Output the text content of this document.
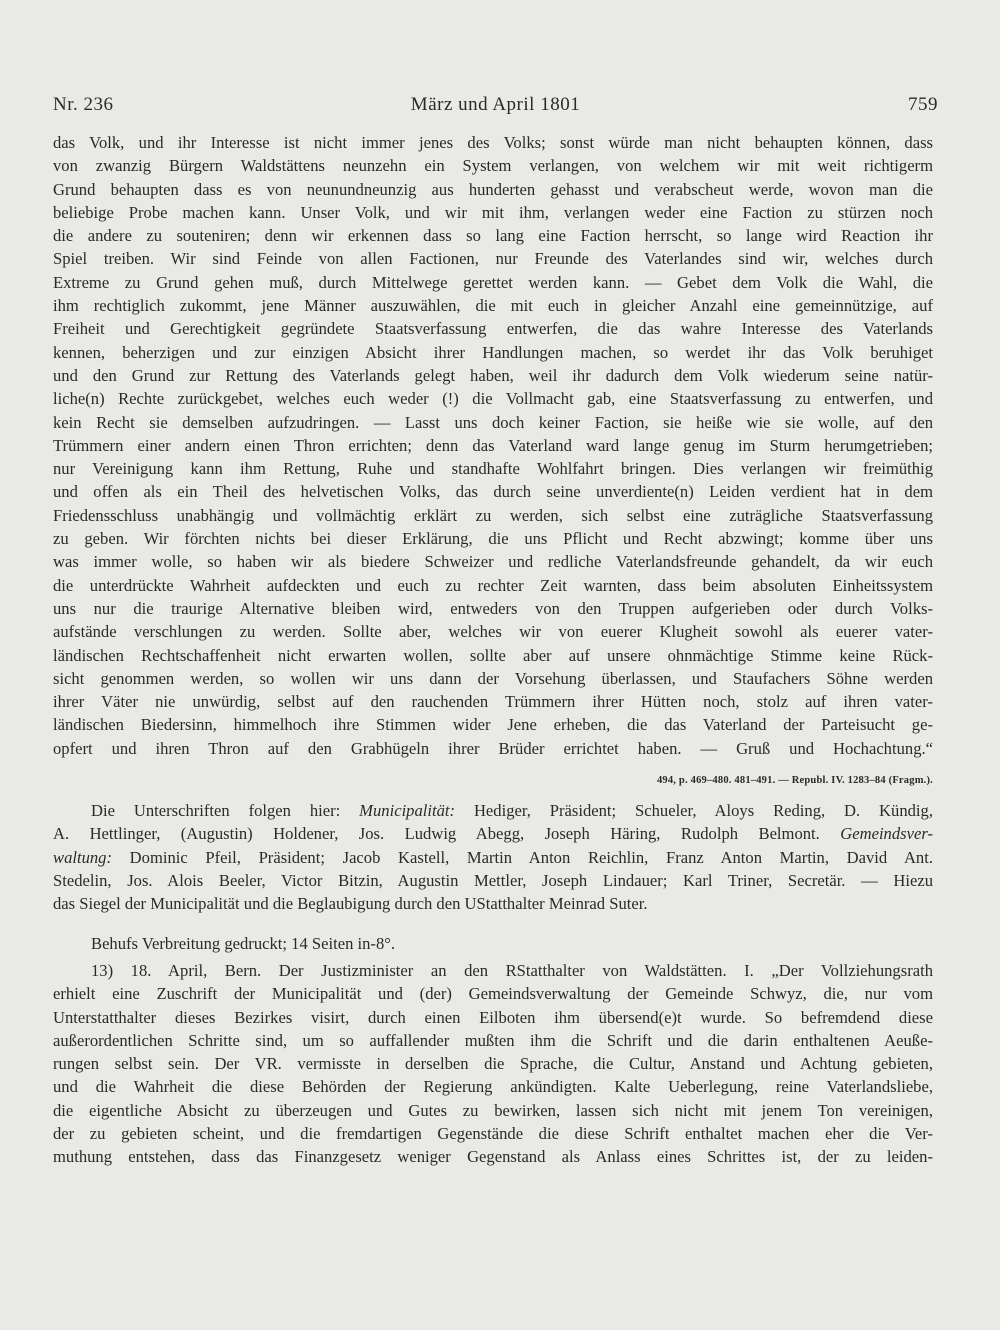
Nr. 236	März und April 1801	759
das Volk, und ihr Interesse ist nicht immer jenes des Volks; sonst würde man nicht behaupten können, dass
von zwanzig Bürgern Waldstättens neunzehn ein System verlangen, von welchem wir mit weit richtigerm
Grund behaupten dass es von neunundneunzig aus hunderten gehasst und verabscheut werde, wovon man die
beliebige Probe machen kann. Unser Volk, und wir mit ihm, verlangen weder eine Faction zu stürzen noch
die andere zu souteniren; denn wir erkennen dass so lang eine Faction herrscht, so lange wird Reaction ihr
Spiel treiben. Wir sind Feinde von allen Factionen, nur Freunde des Vaterlandes sind wir, welches durch
Extreme zu Grund gehen muß, durch Mittelwege gerettet werden kann. — Gebet dem Volk die Wahl, die
ihm rechtiglich zukommt, jene Männer auszuwählen, die mit euch in gleicher Anzahl eine gemeinnützige, auf
Freiheit und Gerechtigkeit gegründete Staatsverfassung entwerfen, die das wahre Interesse des Vaterlands
kennen, beherzigen und zur einzigen Absicht ihrer Handlungen machen, so werdet ihr das Volk beruhiget
und den Grund zur Rettung des Vaterlands gelegt haben, weil ihr dadurch dem Volk wiederum seine natür-
liche(n) Rechte zurückgebet, welches euch weder (!) die Vollmacht gab, eine Staatsverfassung zu entwerfen, und
kein Recht sie demselben aufzudringen. — Lasst uns doch keiner Faction, sie heiße wie sie wolle, auf den
Trümmern einer andern einen Thron errichten; denn das Vaterland ward lange genug im Sturm herumgetrieben;
nur Vereinigung kann ihm Rettung, Ruhe und standhafte Wohlfahrt bringen. Dies verlangen wir freimüthig
und offen als ein Theil des helvetischen Volks, das durch seine unverdiente(n) Leiden verdient hat in dem
Friedensschluss unabhängig und vollmächtig erklärt zu werden, sich selbst eine zuträgliche Staatsverfassung
zu geben. Wir förchten nichts bei dieser Erklärung, die uns Pflicht und Recht abzwingt; komme über uns
was immer wolle, so haben wir als biedere Schweizer und redliche Vaterlandsfreunde gehandelt, da wir euch
die unterdrückte Wahrheit aufdeckten und euch zu rechter Zeit warnten, dass beim absoluten Einheitssystem
uns nur die traurige Alternative bleiben wird, entweders von den Truppen aufgerieben oder durch Volks-
aufstände verschlungen zu werden. Sollte aber, welches wir von euerer Klugheit sowohl als euerer vater-
ländischen Rechtschaffenheit nicht erwarten wollen, sollte aber auf unsere ohnmächtige Stimme keine Rück-
sicht genommen werden, so wollen wir uns dann der Vorsehung überlassen, und Staufachers Söhne werden
ihrer Väter nie unwürdig, selbst auf den rauchenden Trümmern ihrer Hütten noch, stolz auf ihren vater-
ländischen Biedersinn, himmelhoch ihre Stimmen wider Jene erheben, die das Vaterland der Parteisucht ge-
opfert und ihren Thron auf den Grabhügeln ihrer Brüder errichtet haben. — Gruß und Hochachtung.“
494, p. 469–480. 481–491. — Republ. IV. 1283–84 (Fragm.).
Die Unterschriften folgen hier: Municipalität: Hediger, Präsident; Schueler, Aloys Reding, D. Kündig,
A. Hettlinger, (Augustin) Holdener, Jos. Ludwig Abegg, Joseph Häring, Rudolph Belmont. Gemeindsver-
waltung: Dominic Pfeil, Präsident; Jacob Kastell, Martin Anton Reichlin, Franz Anton Martin, David Ant.
Stedelin, Jos. Alois Beeler, Victor Bitzin, Augustin Mettler, Joseph Lindauer; Karl Triner, Secretär. — Hiezu
das Siegel der Municipalität und die Beglaubigung durch den UStatthalter Meinrad Suter.
Behufs Verbreitung gedruckt; 14 Seiten in-8°.
13) 18. April, Bern. Der Justizminister an den RStatthalter von Waldstätten. I. „Der Vollziehungsrath
erhielt eine Zuschrift der Municipalität und (der) Gemeindsverwaltung der Gemeinde Schwyz, die, nur vom
Unterstatthalter dieses Bezirkes visirt, durch einen Eilboten ihm übersend(e)t wurde. So befremdend diese
außerordentlichen Schritte sind, um so auffallender mußten ihm die Schrift und die darin enthaltenen Aeuße-
rungen selbst sein. Der VR. vermisste in derselben die Sprache, die Cultur, Anstand und Achtung gebieten,
und die Wahrheit die diese Behörden der Regierung ankündigten. Kalte Ueberlegung, reine Vaterlandsliebe,
die eigentliche Absicht zu überzeugen und Gutes zu bewirken, lassen sich nicht mit jenem Ton vereinigen,
der zu gebieten scheint, und die fremdartigen Gegenstände die diese Schrift enthaltet machen eher die Ver-
muthung entstehen, dass das Finanzgesetz weniger Gegenstand als Anlass eines Schrittes ist, der zu leiden-
